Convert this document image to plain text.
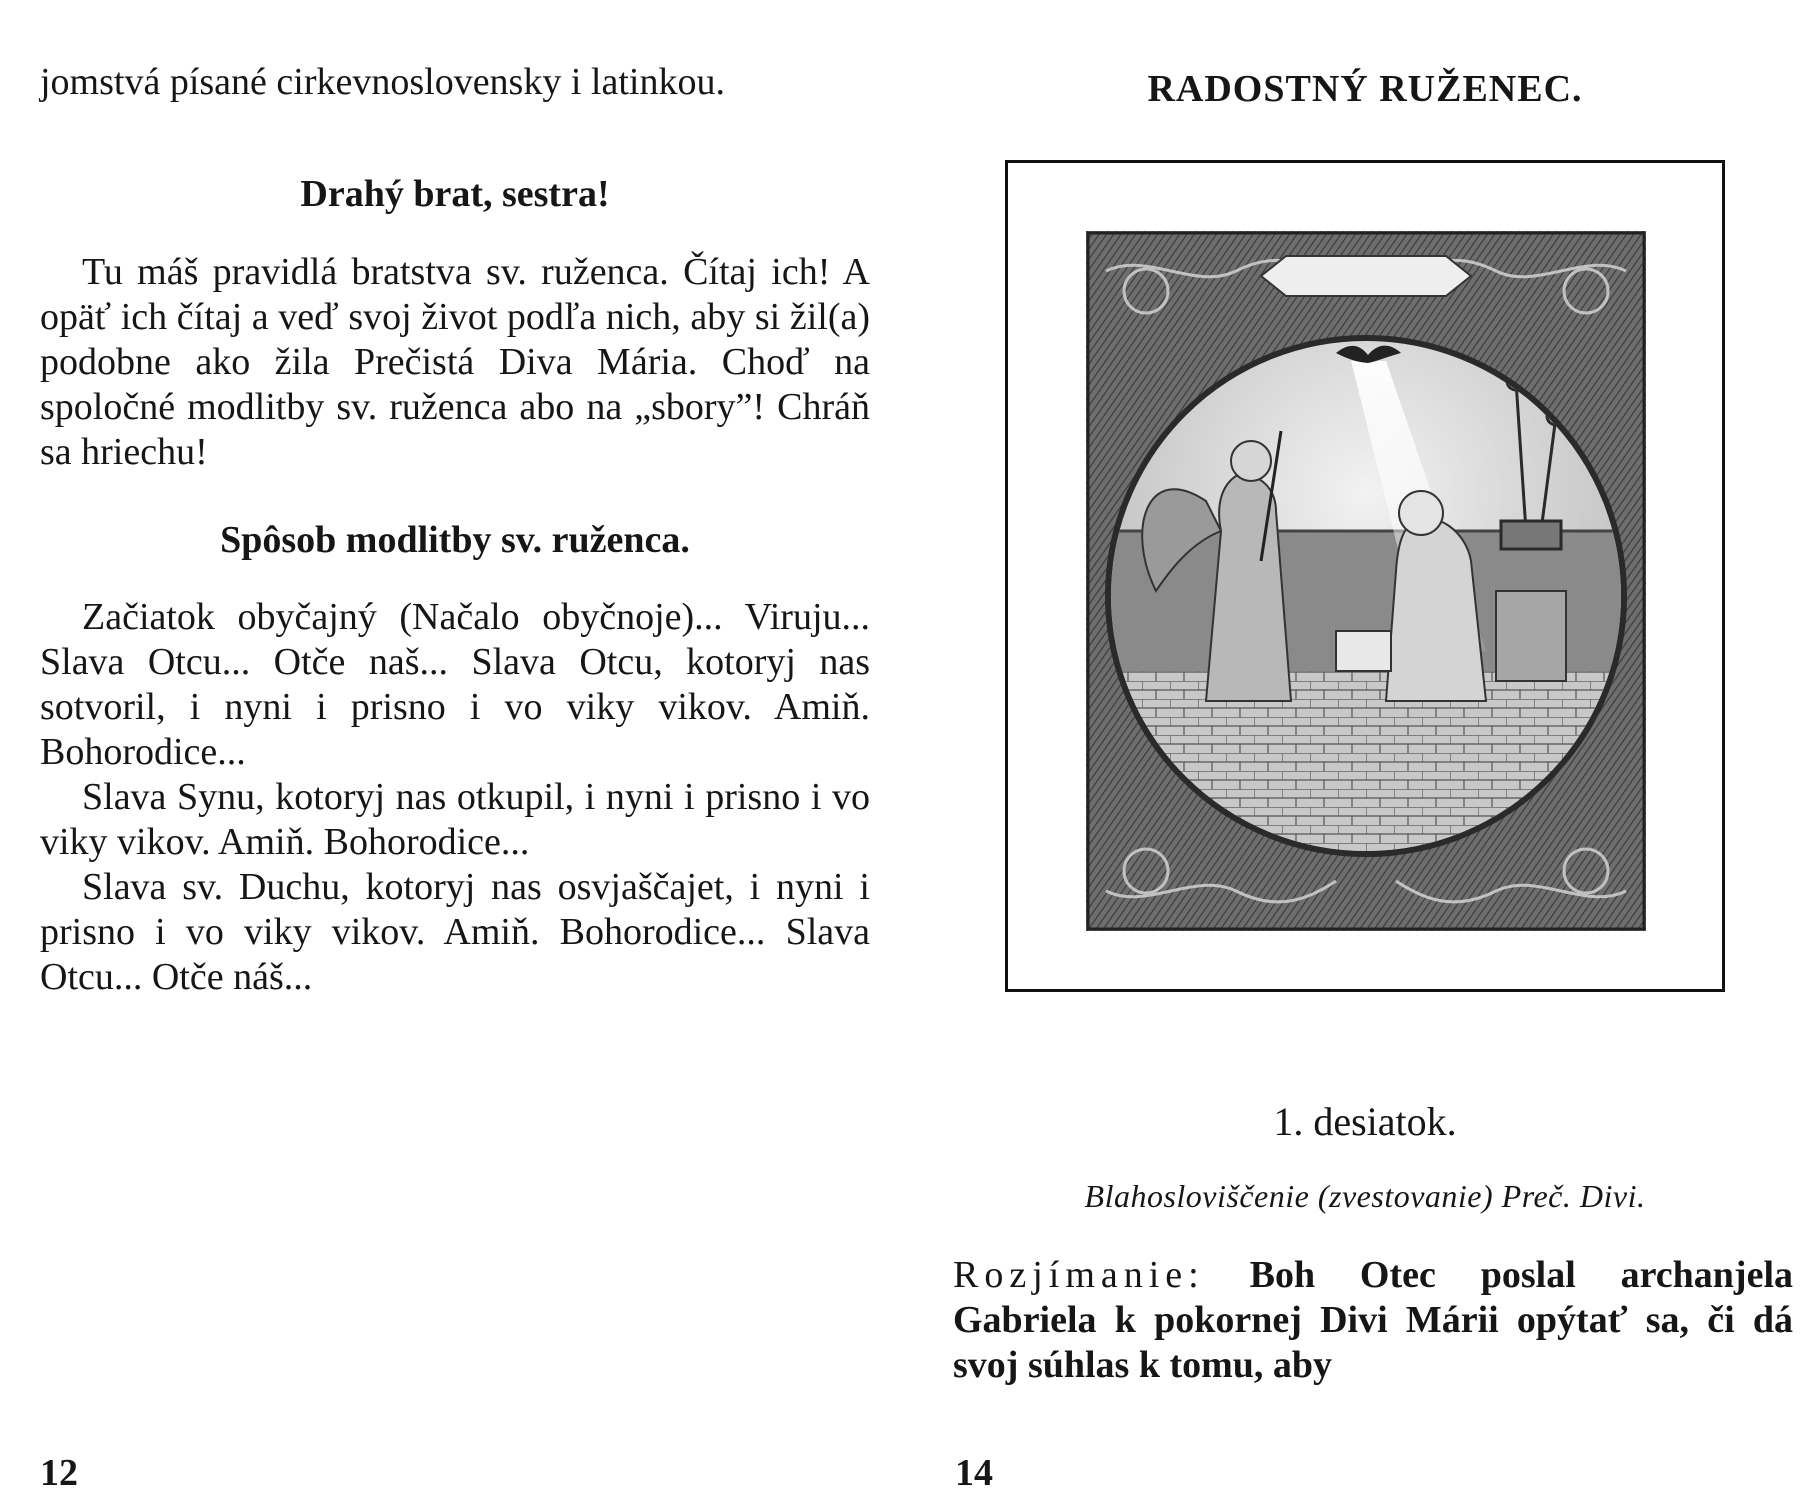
jomstvá písané cirkevnoslovensky i latinkou.

Drahý brat, sestra!

Tu máš pravidlá bratstva sv. ruženca. Čítaj ich! A opäť ich čítaj a veď svoj život podľa nich, aby si žil(a) podobne ako žila Prečistá Diva Mária. Choď na spoločné modlitby sv. ruženca abo na „sbory”! Chráň sa hriechu!

Spôsob modlitby sv. ruženca.

Začiatok obyčajný (Načalo obyčnoje)... Viruju... Slava Otcu... Otče naš... Slava Otcu, kotoryj nas sotvoril, i nyni i prisno i vo viky vikov. Amiň. Bohorodice...

Slava Synu, kotoryj nas otkupil, i nyni i prisno i vo viky vikov. Amiň. Bohorodice...

Slava sv. Duchu, kotoryj nas osvjaščajet, i nyni i prisno i vo viky vikov. Amiň. Bohorodice... Slava Otcu... Otče náš...

12
RADOSTNÝ RUŽENEC.
1. desiatok.
Blahosloviščenie (zvestovanie) Preč. Divi.

Rozjímanie: Boh Otec poslal archanjela Gabriela k pokornej Divi Márii opýtať sa, či dá svoj súhlas k tomu, aby

14
